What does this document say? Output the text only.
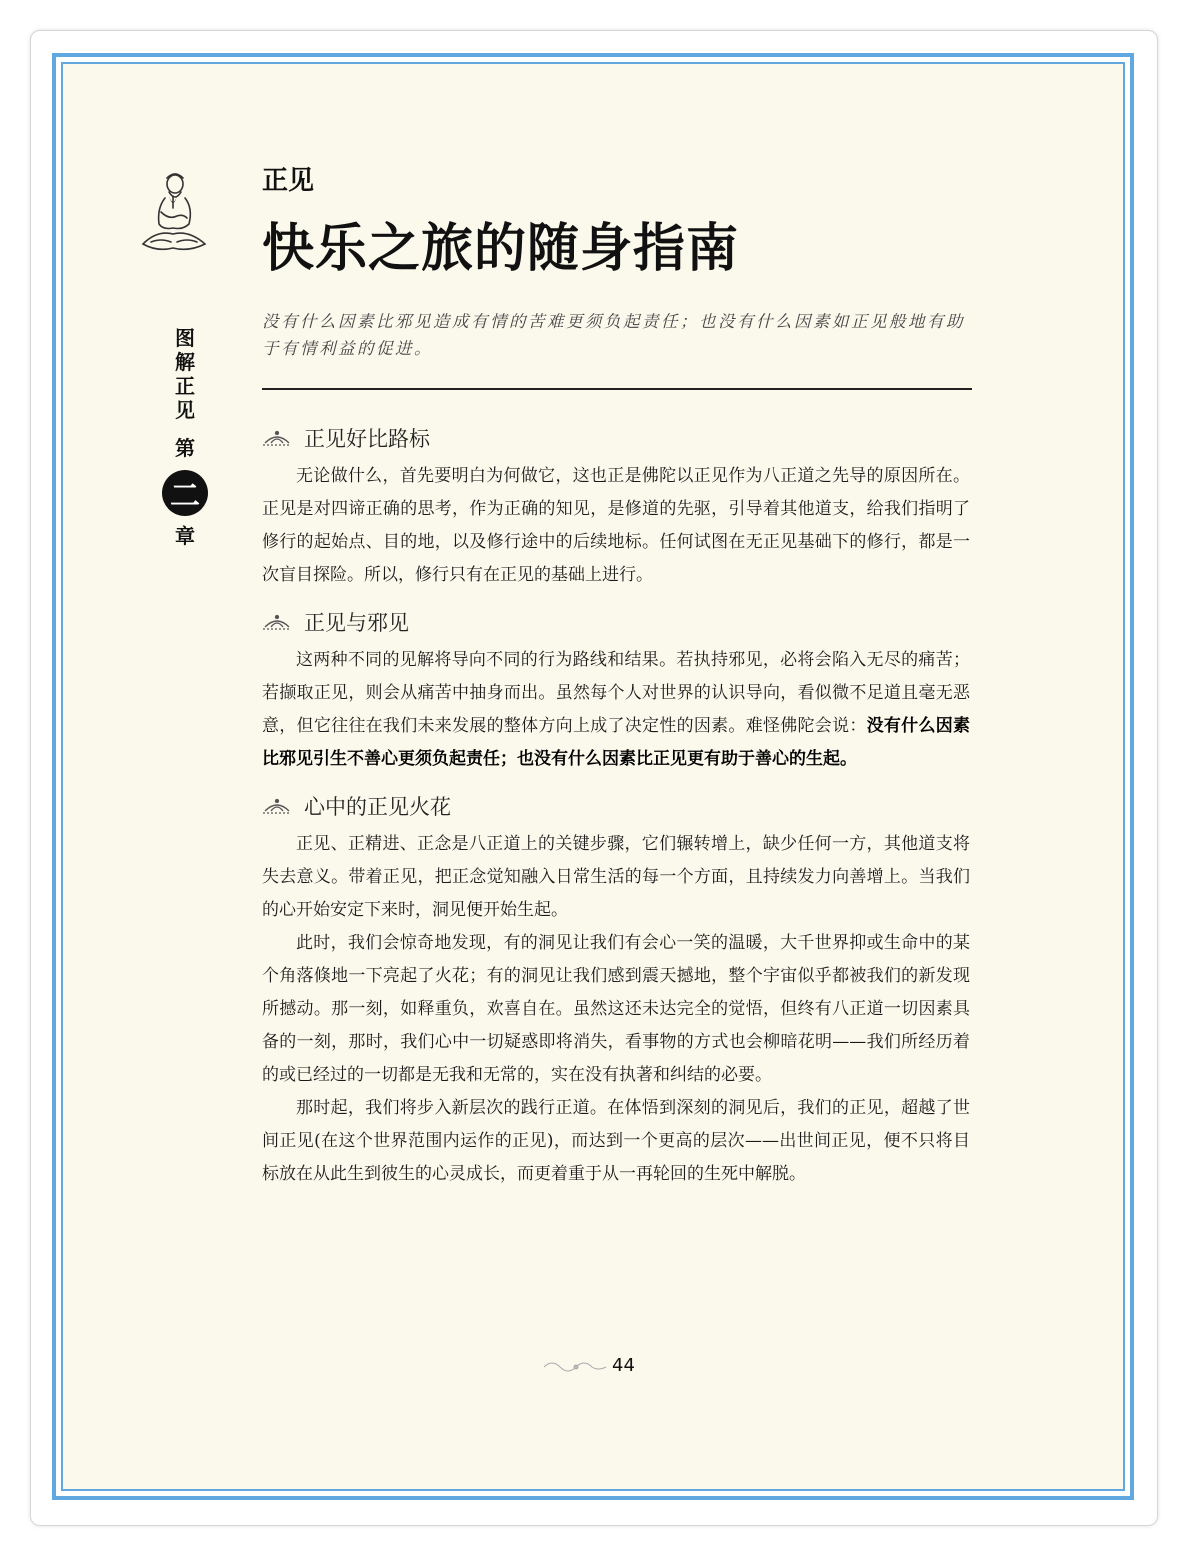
图
解
正
见
第
二
章
正见
快乐之旅的随身指南
没有什么因素比邪见造成有情的苦难更须负起责任；也没有什么因素如正见般地有助于有情利益的促进。
正见好比路标

无论做什么，首先要明白为何做它，这也正是佛陀以正见作为八正道之先导的原因所在。正见是对四谛正确的思考，作为正确的知见，是修道的先驱，引导着其他道支，给我们指明了修行的起始点、目的地，以及修行途中的后续地标。任何试图在无正见基础下的修行，都是一次盲目探险。所以，修行只有在正见的基础上进行。

正见与邪见

这两种不同的见解将导向不同的行为路线和结果。若执持邪见，必将会陷入无尽的痛苦；若撷取正见，则会从痛苦中抽身而出。虽然每个人对世界的认识导向，看似微不足道且毫无恶意，但它往往在我们未来发展的整体方向上成了决定性的因素。难怪佛陀会说：没有什么因素比邪见引生不善心更须负起责任；也没有什么因素比正见更有助于善心的生起。

心中的正见火花

正见、正精进、正念是八正道上的关键步骤，它们辗转增上，缺少任何一方，其他道支将失去意义。带着正见，把正念觉知融入日常生活的每一个方面，且持续发力向善增上。当我们的心开始安定下来时，洞见便开始生起。

此时，我们会惊奇地发现，有的洞见让我们有会心一笑的温暖，大千世界抑或生命中的某个角落倏地一下亮起了火花；有的洞见让我们感到震天撼地，整个宇宙似乎都被我们的新发现所撼动。那一刻，如释重负，欢喜自在。虽然这还未达完全的觉悟，但终有八正道一切因素具备的一刻，那时，我们心中一切疑惑即将消失，看事物的方式也会柳暗花明——我们所经历着的或已经过的一切都是无我和无常的，实在没有执著和纠结的必要。

那时起，我们将步入新层次的践行正道。在体悟到深刻的洞见后，我们的正见，超越了世间正见(在这个世界范围内运作的正见)，而达到一个更高的层次——出世间正见，便不只将目标放在从此生到彼生的心灵成长，而更着重于从一再轮回的生死中解脱。

44
